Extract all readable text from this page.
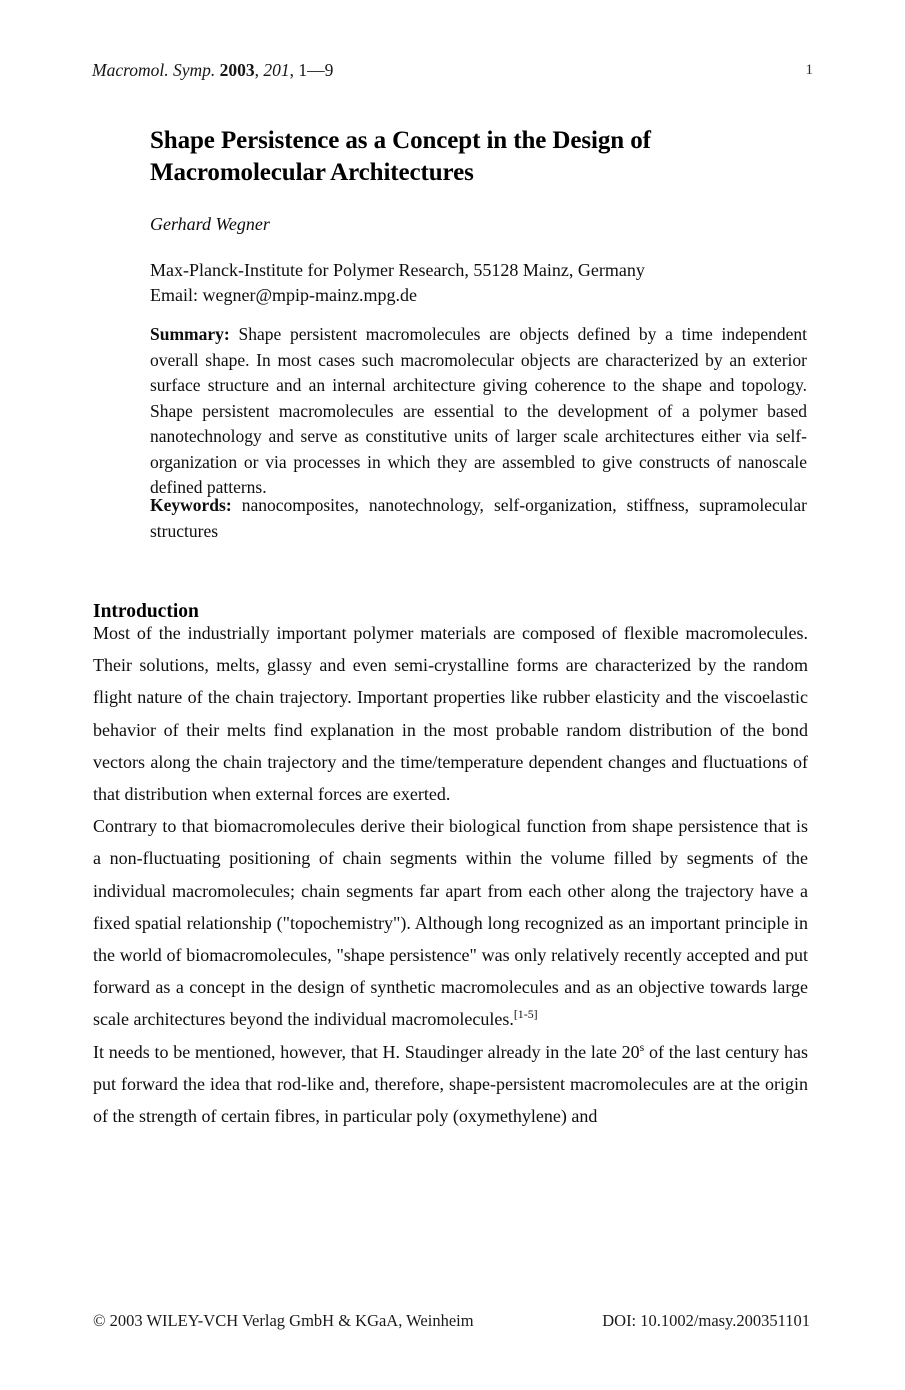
Macromol. Symp. 2003, 201, 1—9	1
Shape Persistence as a Concept in the Design of Macromolecular Architectures
Gerhard Wegner
Max-Planck-Institute for Polymer Research, 55128 Mainz, Germany
Email: wegner@mpip-mainz.mpg.de
Summary: Shape persistent macromolecules are objects defined by a time independent overall shape. In most cases such macromolecular objects are characterized by an exterior surface structure and an internal architecture giving coherence to the shape and topology. Shape persistent macromolecules are essential to the development of a polymer based nanotechnology and serve as constitutive units of larger scale architectures either via self-organization or via processes in which they are assembled to give constructs of nanoscale defined patterns.
Keywords: nanocomposites, nanotechnology, self-organization, stiffness, supramolecular structures
Introduction

Most of the industrially important polymer materials are composed of flexible macromolecules. Their solutions, melts, glassy and even semi-crystalline forms are characterized by the random flight nature of the chain trajectory. Important properties like rubber elasticity and the viscoelastic behavior of their melts find explanation in the most probable random distribution of the bond vectors along the chain trajectory and the time/temperature dependent changes and fluctuations of that distribution when external forces are exerted.

Contrary to that biomacromolecules derive their biological function from shape persistence that is a non-fluctuating positioning of chain segments within the volume filled by segments of the individual macromolecules; chain segments far apart from each other along the trajectory have a fixed spatial relationship ("topochemistry"). Although long recognized as an important principle in the world of biomacromolecules, "shape persistence" was only relatively recently accepted and put forward as a concept in the design of synthetic macromolecules and as an objective towards large scale architectures beyond the individual macromolecules.[1-5]

It needs to be mentioned, however, that H. Staudinger already in the late 20$^s$ of the last century has put forward the idea that rod-like and, therefore, shape-persistent macromolecules are at the origin of the strength of certain fibres, in particular poly (oxymethylene) and

© 2003 WILEY-VCH Verlag GmbH & KGaA, Weinheim	DOI: 10.1002/masy.200351101
